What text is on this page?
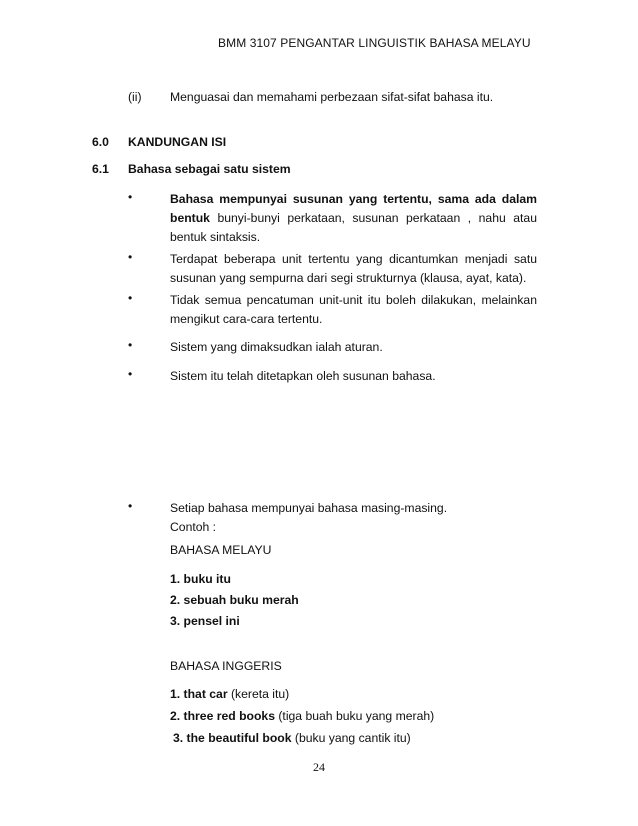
BMM 3107 PENGANTAR LINGUISTIK BAHASA MELAYU
(ii) Menguasai dan memahami perbezaan sifat-sifat bahasa itu.
6.0 KANDUNGAN ISI
6.1 Bahasa sebagai satu sistem
•	Bahasa mempunyai susunan yang tertentu, sama ada dalam bentuk bunyi-bunyi perkataan, susunan perkataan , nahu atau bentuk sintaksis.
•	Terdapat beberapa unit tertentu yang dicantumkan menjadi satu susunan yang sempurna dari segi strukturnya (klausa, ayat, kata).
•	Tidak semua pencatuman unit-unit itu boleh dilakukan, melainkan mengikut cara-cara tertentu.
•	Sistem yang dimaksudkan ialah aturan.
•	Sistem itu telah ditetapkan oleh susunan bahasa.
•	Setiap bahasa mempunyai bahasa masing-masing.
Contoh :
BAHASA MELAYU
1. buku itu
2. sebuah buku merah
3. pensel ini
BAHASA INGGERIS
1. that car (kereta itu)
2. three red books (tiga buah buku yang merah)
3. the beautiful book (buku yang cantik itu)
24
